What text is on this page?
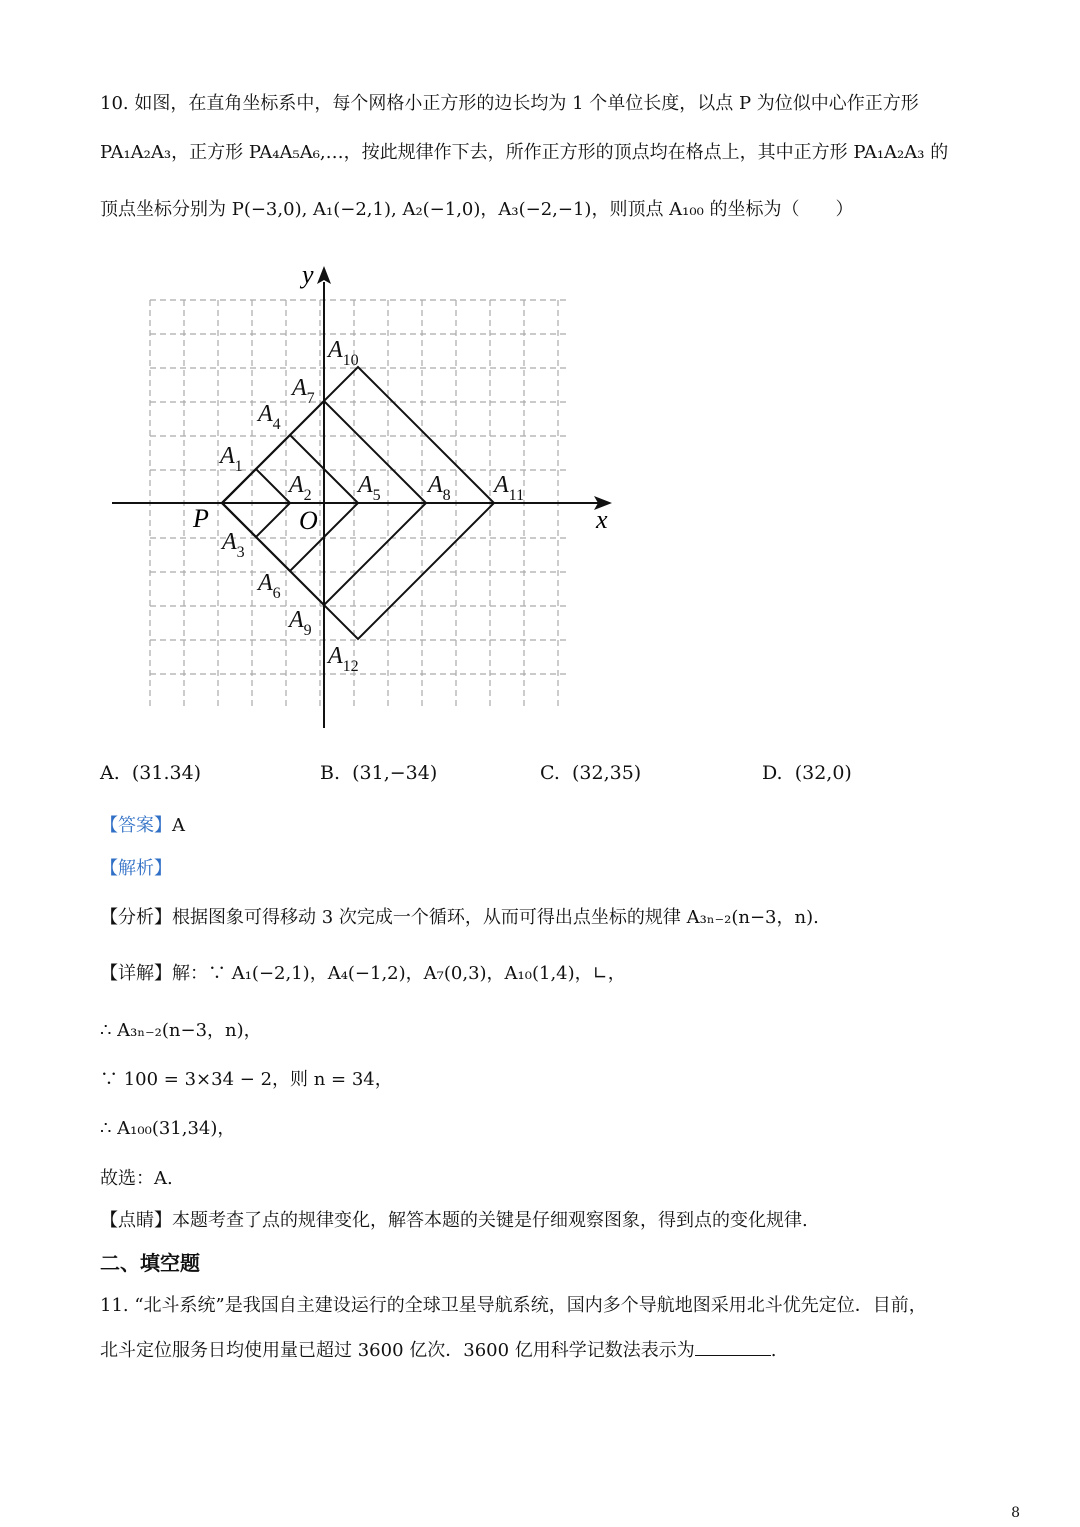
10. 如图，在直角坐标系中，每个网格小正方形的边长均为 1 个单位长度，以点 P 为位似中心作正方形
PA₁A₂A₃，正方形 PA₄A₅A₆,…，按此规律作下去，所作正方形的顶点均在格点上，其中正方形 PA₁A₂A₃ 的
顶点坐标分别为 P(−3,0), A₁(−2,1), A₂(−1,0)，A₃(−2,−1)，则顶点 A₁₀₀ 的坐标为（　　）
x
y
O
P
$A_1$
$A_2$
$A_3$
$A_4$
$A_5$
$A_6$
$A_7$
$A_8$
$A_9$
$A_{10}$
$A_{11}$
$A_{12}$
A. (31.34)	B. (31,−34)	C. (32,35)	D. (32,0)
【答案】A
【解析】
【分析】根据图象可得移动 3 次完成一个循环，从而可得出点坐标的规律 A₃ₙ₋₂(n−3，n).
【详解】解：∵ A₁(−2,1)，A₄(−1,2)，A₇(0,3)，A₁₀(1,4)，∟，
∴ A₃ₙ₋₂(n−3，n)，
∵ 100 = 3×34 − 2，则 n = 34，
∴ A₁₀₀(31,34)，
故选：A.
【点睛】本题考查了点的规律变化，解答本题的关键是仔细观察图象，得到点的变化规律.
二、填空题
11. “北斗系统”是我国自主建设运行的全球卫星导航系统，国内多个导航地图采用北斗优先定位．目前，
北斗定位服务日均使用量已超过 3600 亿次．3600 亿用科学记数法表示为	.
8
